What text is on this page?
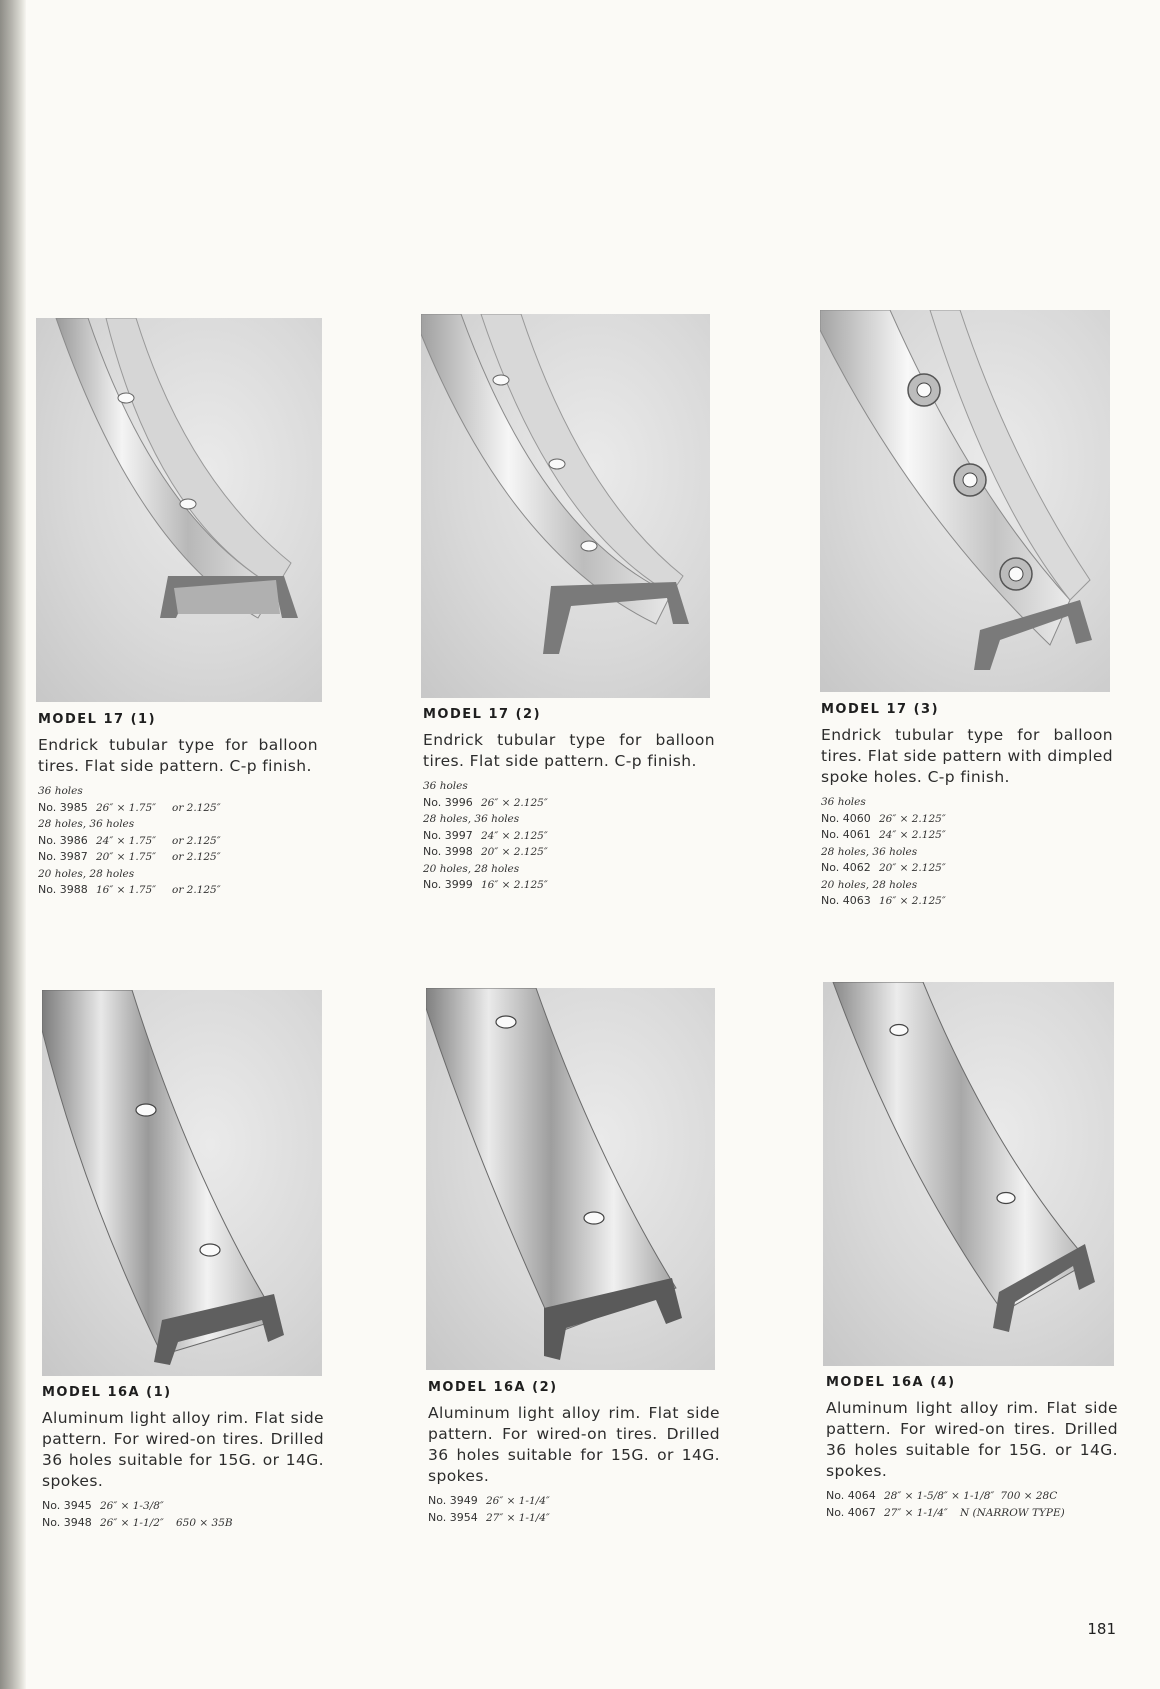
MODEL 17 (1)
Endrick tubular type for balloon tires. Flat side pattern. C-p finish.
36 holes
No. 3985 26″ × 1.75″ or 2.125″
28 holes, 36 holes
No. 3986 24″ × 1.75″ or 2.125″
No. 3987 20″ × 1.75″ or 2.125″
20 holes, 28 holes
No. 3988 16″ × 1.75″ or 2.125″
MODEL 17 (2)
Endrick tubular type for balloon tires. Flat side pattern. C-p finish.
36 holes
No. 3996 26″ × 2.125″
28 holes, 36 holes
No. 3997 24″ × 2.125″
No. 3998 20″ × 2.125″
20 holes, 28 holes
No. 3999 16″ × 2.125″
MODEL 17 (3)
Endrick tubular type for balloon tires. Flat side pattern with dimpled spoke holes. C-p finish.
36 holes
No. 4060 26″ × 2.125″
No. 4061 24″ × 2.125″
28 holes, 36 holes
No. 4062 20″ × 2.125″
20 holes, 28 holes
No. 4063 16″ × 2.125″
MODEL 16A (1)
Aluminum light alloy rim. Flat side pattern. For wired-on tires. Drilled 36 holes suitable for 15G. or 14G. spokes.
No. 3945 26″ × 1-3/8″
No. 3948 26″ × 1-1/2″ 650 × 35B
MODEL 16A (2)
Aluminum light alloy rim. Flat side pattern. For wired-on tires. Drilled 36 holes suitable for 15G. or 14G. spokes.
No. 3949 26″ × 1-1/4″
No. 3954 27″ × 1-1/4″
MODEL 16A (4)
Aluminum light alloy rim. Flat side pattern. For wired-on tires. Drilled 36 holes suitable for 15G. or 14G. spokes.
No. 4064 28″ × 1-5/8″ × 1-1/8″ 700 × 28C
No. 4067 27″ × 1-1/4″ N (NARROW TYPE)
181
